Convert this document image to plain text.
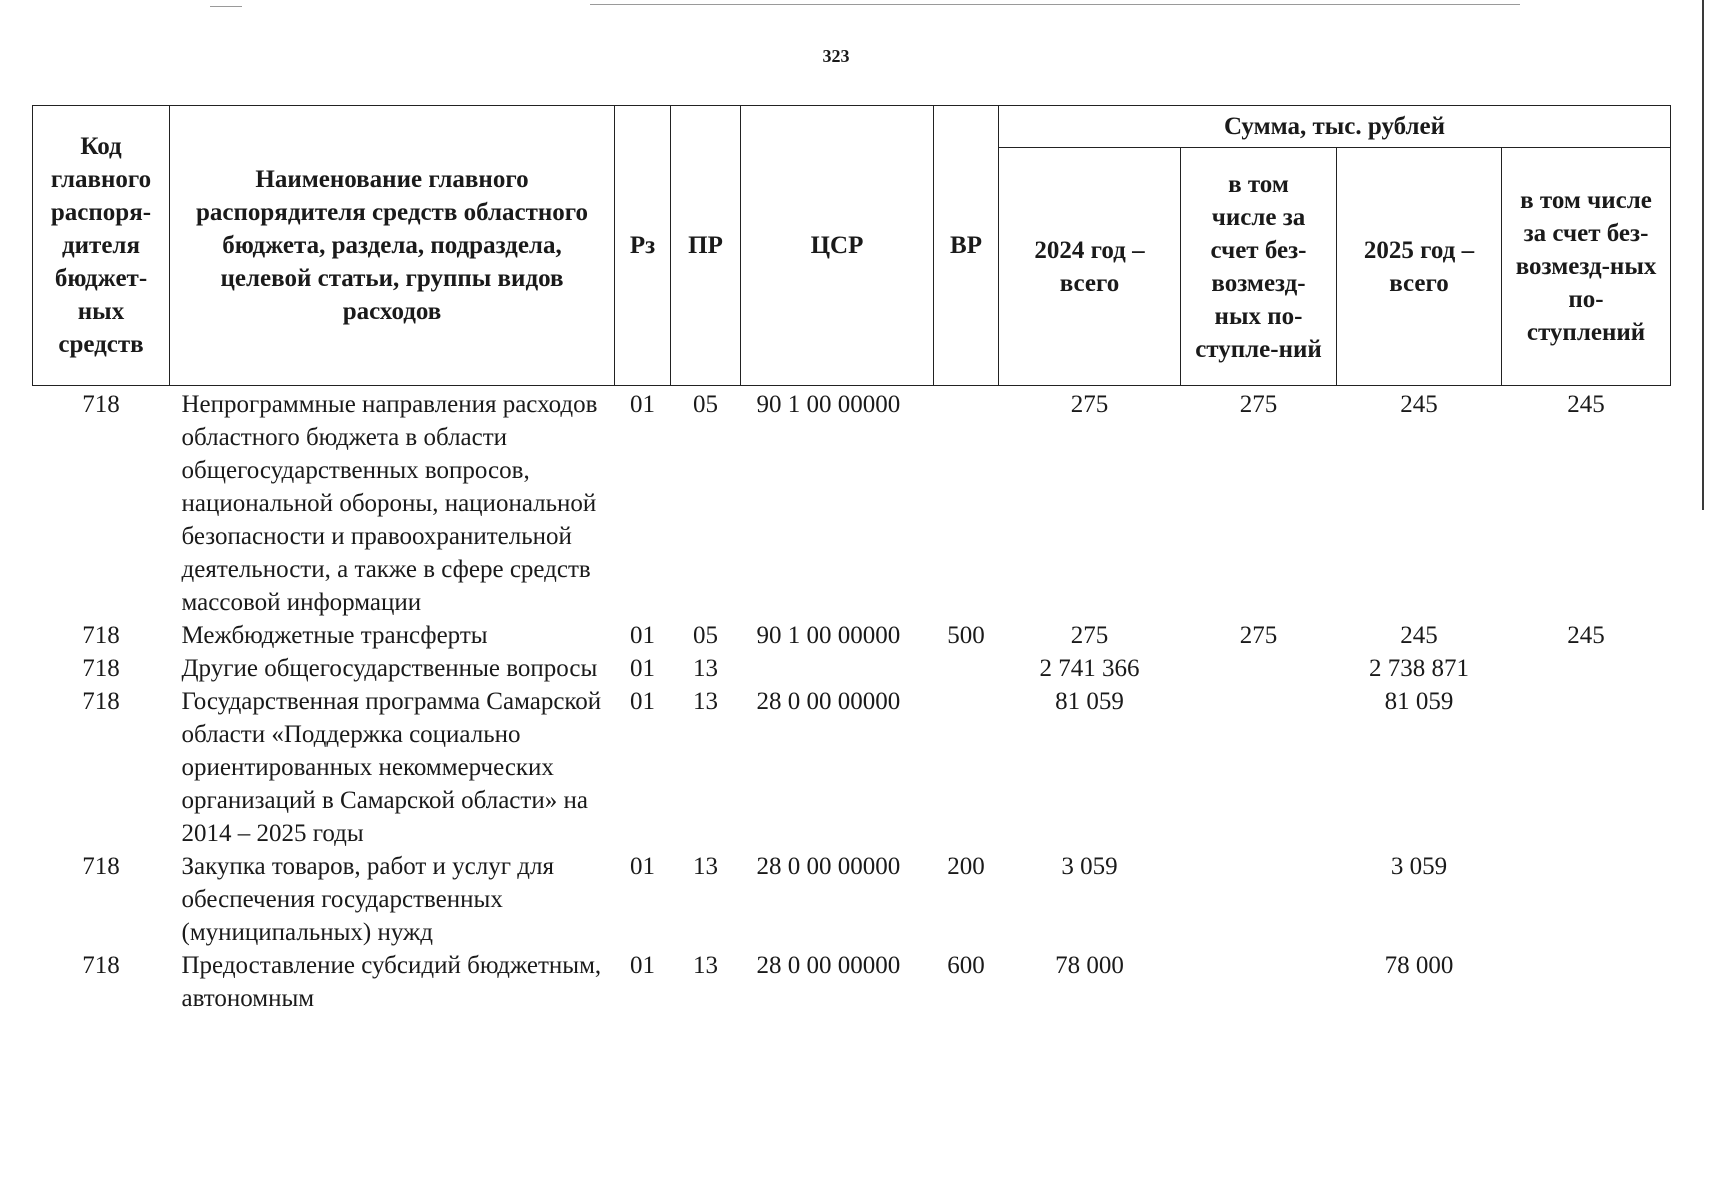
323
Код главного распоря-дителя бюджет-ных средств	Наименование главного распорядителя средств областного бюджета, раздела, подраздела, целевой статьи, группы видов расходов	Рз	ПР	ЦСР	ВР	Сумма, тыс. рублей			
						2024 год – всего	в том числе за счет без-возмезд-ных по-ступле-ний	2025 год – всего	в том числе за счет без-возмезд-ных по-ступлений
718	Непрограммные направления расходов областного бюджета в области общегосударственных вопросов, национальной обороны, национальной безопасности и правоохранительной деятельности, а также в сфере средств массовой информации	01	05	90 1 00 00000		275	275	245	245
718	Межбюджетные трансферты	01	05	90 1 00 00000	500	275	275	245	245
718	Другие общегосударственные вопросы	01	13			2 741 366		2 738 871	
718	Государственная программа Самарской области «Поддержка социально ориентированных некоммерческих организаций в Самарской области» на 2014 – 2025 годы	01	13	28 0 00 00000		81 059		81 059	
718	Закупка товаров, работ и услуг для обеспечения государственных (муниципальных) нужд	01	13	28 0 00 00000	200	3 059		3 059	
718	Предоставление субсидий бюджетным, автономным	01	13	28 0 00 00000	600	78 000		78 000	
